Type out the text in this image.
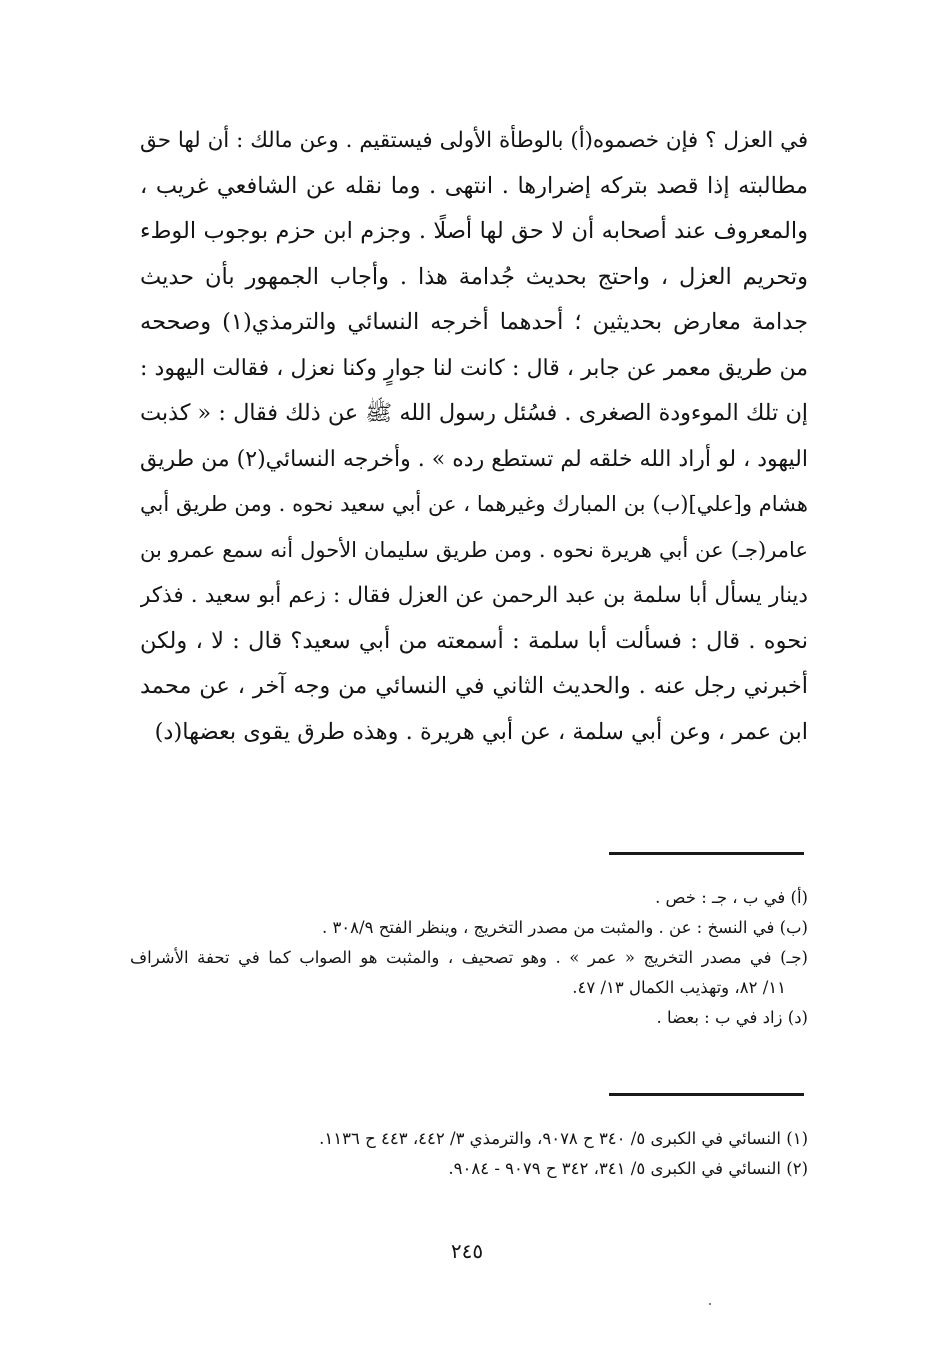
في العزل ؟ فإن خصموه(أ) بالوطأة الأولى فيستقيم . وعن مالك : أن لها حق
مطالبته إذا قصد بتركه إضرارها . انتهى . وما نقله عن الشافعي غريب ،
والمعروف عند أصحابه أن لا حق لها أصلًا . وجزم ابن حزم بوجوب الوطء
وتحريم العزل ، واحتج بحديث جُدامة هذا . وأجاب الجمهور بأن حديث
جدامة معارض بحديثين ؛ أحدهما أخرجه النسائي والترمذي(١) وصححه
من طريق معمر عن جابر ، قال : كانت لنا جوارٍ وكنا نعزل ، فقالت اليهود :
إن تلك الموءودة الصغرى . فسُئل رسول الله ﷺ عن ذلك فقال : « كذبت
اليهود ، لو أراد الله خلقه لم تستطع رده » . وأخرجه النسائي(٢) من طريق
هشام و[علي](ب) بن المبارك وغيرهما ، عن أبي سعيد نحوه . ومن طريق أبي
عامر(جـ) عن أبي هريرة نحوه . ومن طريق سليمان الأحول أنه سمع عمرو بن
دينار يسأل أبا سلمة بن عبد الرحمن عن العزل فقال : زعم أبو سعيد . فذكر
نحوه . قال : فسألت أبا سلمة : أسمعته من أبي سعيد؟ قال : لا ، ولكن
أخبرني رجل عنه . والحديث الثاني في النسائي من وجه آخر ، عن محمد
ابن عمر ، وعن أبي سلمة ، عن أبي هريرة . وهذه طرق يقوى بعضها(د)
(أ) في ب ، جـ : خص .
(ب) في النسخ : عن . والمثبت من مصدر التخريج ، وينظر الفتح ٣٠٨/٩ .
(جـ) في مصدر التخريج « عمر » . وهو تصحيف ، والمثبت هو الصواب كما في تحفة الأشراف
١١/ ٨٢، وتهذيب الكمال ١٣/ ٤٧.
(د) زاد في ب : بعضا .
(١) النسائي في الكبرى ٥/ ٣٤٠ ح ٩٠٧٨، والترمذي ٣/ ٤٤٢، ٤٤٣ ح ١١٣٦.
(٢) النسائي في الكبرى ٥/ ٣٤١، ٣٤٢ ح ٩٠٧٩ - ٩٠٨٤.
٢٤٥
